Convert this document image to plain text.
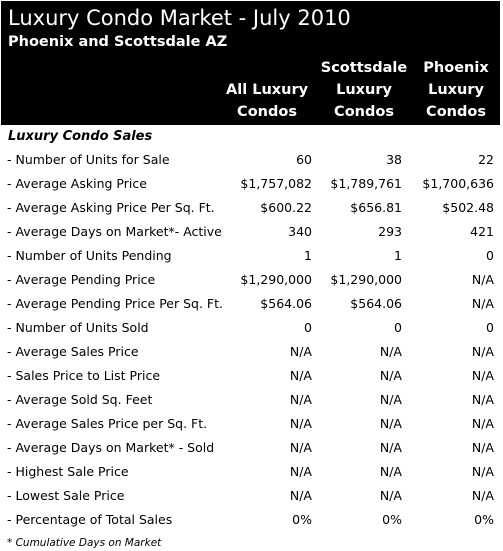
Luxury Condo Market - July 2010
Phoenix and Scottsdale AZ
All Luxury
Condos
Scottsdale
Luxury
Condos
Phoenix
Luxury
Condos
Luxury Condo Sales
- Number of Units for Sale	60	38	22
- Average Asking Price	$1,757,082 $1,789,761 $1,700,636
- Average Asking Price Per Sq. Ft.	$600.22	$656.81	$502.48
- Average Days on Market*- Active	340	293	421
- Number of Units Pending	1	1	0
- Average Pending Price	$1,290,000 $1,290,000	N/A
- Average Pending Price Per Sq. Ft.	$564.06	$564.06	N/A
- Number of Units Sold	0	0	0
- Average Sales Price	N/A	N/A	N/A
- Sales Price to List Price	N/A	N/A	N/A
- Average Sold Sq. Feet	N/A	N/A	N/A
- Average Sales Price per Sq. Ft.	N/A	N/A	N/A
- Average Days on Market* - Sold	N/A	N/A	N/A
- Highest Sale Price	N/A	N/A	N/A
- Lowest Sale Price	N/A	N/A	N/A
- Percentage of Total Sales	0%	0%	0%
* Cumulative Days on Market
